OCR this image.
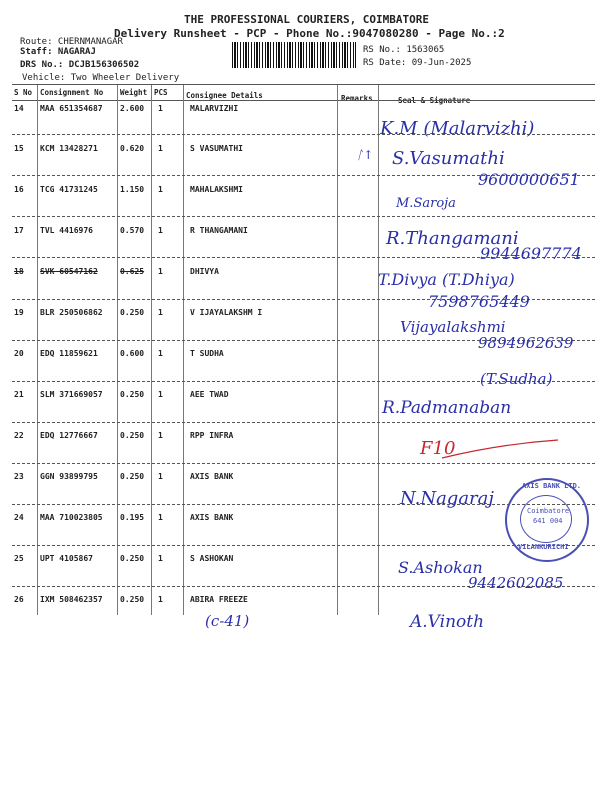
THE PROFESSIONAL COURIERS, COIMBATORE
Delivery Runsheet - PCP - Phone No.:9047080280 - Page No.:2
Route: CHERNMANAGAR
Staff: NAGARAJ
DRS No.: DCJB156306502
Vehicle: Two Wheeler Delivery
RS No.: 1563065
RS Date: 09-Jun-2025
S No Consignment No Weight PCS Consignee Details	Remarks	Seal & Signature
14 MAA 651354687 2.600 1	MALARVIZHI
15 KCM 13428271	0.620 1	S VASUMATHI
16 TCG 41731245	1.150 1	MAHALAKSHMI
17 TVL 4416976	0.570 1	R THANGAMANI
18 SVK 60547162	0.625 1	DHIVYA
19 BLR 250506862 0.250 1	V IJAYALAKSHM I
20 EDQ 11859621	0.600 1	T SUDHA
21 SLM 371669057 0.250 1	AEE TWAD
22 EDQ 12776667	0.250 1	RPP INFRA
23 GGN 93899795	0.250 1	AXIS BANK
24 MAA 710023805 0.195 1	AXIS BANK
25 UPT 4105867	0.250 1	S ASHOKAN
26 IXM 508462357 0.250 1	ABIRA FREEZE
K.M (Malarvizhi)
ᛚ↑ S.Vasumathi
9600000651
M.Saroja
R.Thangamani
9944697774
T.Divya (T.Dhiya)
7598765449
Vijayalakshmi
9894962639
(T.Sudha)
R.Padmanaban
F10
N.Nagaraj
S.Ashokan
9442602085
(c-41)	A.Vinoth
AXIS BANK LTD.
Coimbatore
641 004
VILANKURICHI
